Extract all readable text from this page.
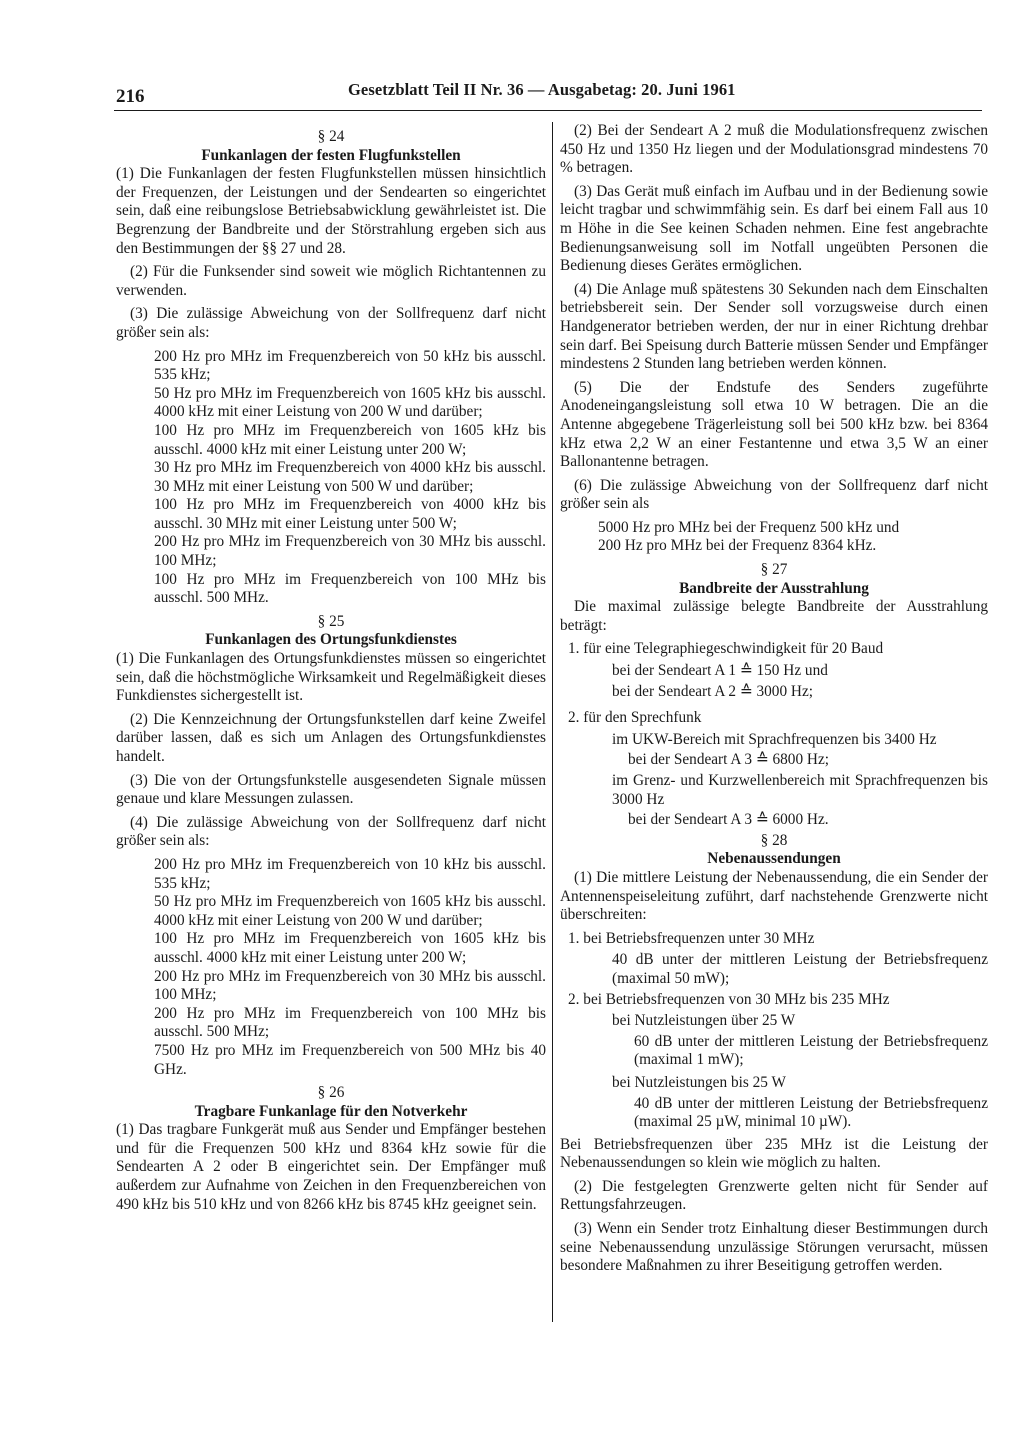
216	Gesetzblatt Teil II Nr. 36 — Ausgabetag: 20. Juni 1961

§ 24

Funkanlagen der festen Flugfunkstellen

(1) Die Funkanlagen der festen Flugfunkstellen müssen hinsichtlich der Frequenzen, der Leistungen und der Sendearten so eingerichtet sein, daß eine reibungslose Betriebsabwicklung gewährleistet ist. Die Begrenzung der Bandbreite und der Störstrahlung ergeben sich aus den Bestimmungen der §§ 27 und 28.

(2) Für die Funksender sind soweit wie möglich Richtantennen zu verwenden.

(3) Die zulässige Abweichung von der Sollfrequenz darf nicht größer sein als:

200 Hz pro MHz im Frequenzbereich von 50 kHz bis ausschl. 535 kHz;

50 Hz pro MHz im Frequenzbereich von 1605 kHz bis ausschl. 4000 kHz mit einer Leistung von 200 W und darüber;

100 Hz pro MHz im Frequenzbereich von 1605 kHz bis ausschl. 4000 kHz mit einer Leistung unter 200 W;

30 Hz pro MHz im Frequenzbereich von 4000 kHz bis ausschl. 30 MHz mit einer Leistung von 500 W und darüber;

100 Hz pro MHz im Frequenzbereich von 4000 kHz bis ausschl. 30 MHz mit einer Leistung unter 500 W;

200 Hz pro MHz im Frequenzbereich von 30 MHz bis ausschl. 100 MHz;

100 Hz pro MHz im Frequenzbereich von 100 MHz bis ausschl. 500 MHz.

§ 25

Funkanlagen des Ortungsfunkdienstes

(1) Die Funkanlagen des Ortungsfunkdienstes müssen so eingerichtet sein, daß die höchstmögliche Wirksamkeit und Regelmäßigkeit dieses Funkdienstes sichergestellt ist.

(2) Die Kennzeichnung der Ortungsfunkstellen darf keine Zweifel darüber lassen, daß es sich um Anlagen des Ortungsfunkdienstes handelt.

(3) Die von der Ortungsfunkstelle ausgesendeten Signale müssen genaue und klare Messungen zulassen.

(4) Die zulässige Abweichung von der Sollfrequenz darf nicht größer sein als:

200 Hz pro MHz im Frequenzbereich von 10 kHz bis ausschl. 535 kHz;

50 Hz pro MHz im Frequenzbereich von 1605 kHz bis ausschl. 4000 kHz mit einer Leistung von 200 W und darüber;

100 Hz pro MHz im Frequenzbereich von 1605 kHz bis ausschl. 4000 kHz mit einer Leistung unter 200 W;

200 Hz pro MHz im Frequenzbereich von 30 MHz bis ausschl. 100 MHz;

200 Hz pro MHz im Frequenzbereich von 100 MHz bis ausschl. 500 MHz;

7500 Hz pro MHz im Frequenzbereich von 500 MHz bis 40 GHz.

§ 26

Tragbare Funkanlage für den Notverkehr

(1) Das tragbare Funkgerät muß aus Sender und Empfänger bestehen und für die Frequenzen 500 kHz und 8364 kHz sowie für die Sendearten A 2 oder B eingerichtet sein. Der Empfänger muß außerdem zur Aufnahme von Zeichen in den Frequenzbereichen von 490 kHz bis 510 kHz und von 8266 kHz bis 8745 kHz geeignet sein.

(2) Bei der Sendeart A 2 muß die Modulationsfrequenz zwischen 450 Hz und 1350 Hz liegen und der Modulationsgrad mindestens 70 % betragen.

(3) Das Gerät muß einfach im Aufbau und in der Bedienung sowie leicht tragbar und schwimmfähig sein. Es darf bei einem Fall aus 10 m Höhe in die See keinen Schaden nehmen. Eine fest angebrachte Bedienungsanweisung soll im Notfall ungeübten Personen die Bedienung dieses Gerätes ermöglichen.

(4) Die Anlage muß spätestens 30 Sekunden nach dem Einschalten betriebsbereit sein. Der Sender soll vorzugsweise durch einen Handgenerator betrieben werden, der nur in einer Richtung drehbar sein darf. Bei Speisung durch Batterie müssen Sender und Empfänger mindestens 2 Stunden lang betrieben werden können.

(5) Die der Endstufe des Senders zugeführte Anodeneingangsleistung soll etwa 10 W betragen. Die an die Antenne abgegebene Trägerleistung soll bei 500 kHz bzw. bei 8364 kHz etwa 2,2 W an einer Festantenne und etwa 3,5 W an einer Ballonantenne betragen.

(6) Die zulässige Abweichung von der Sollfrequenz darf nicht größer sein als

5000 Hz pro MHz bei der Frequenz 500 kHz und

200 Hz pro MHz bei der Frequenz 8364 kHz.

§ 27

Bandbreite der Ausstrahlung

Die maximal zulässige belegte Bandbreite der Ausstrahlung beträgt:

1. für eine Telegraphiegeschwindigkeit für 20 Baud

bei der Sendeart A 1 ≙ 150 Hz und

bei der Sendeart A 2 ≙ 3000 Hz;

2. für den Sprechfunk

im UKW-Bereich mit Sprachfrequenzen bis 3400 Hz

bei der Sendeart A 3 ≙ 6800 Hz;

im Grenz- und Kurzwellenbereich mit Sprachfrequenzen bis 3000 Hz

bei der Sendeart A 3 ≙ 6000 Hz.

§ 28

Nebenaussendungen

(1) Die mittlere Leistung der Nebenaussendung, die ein Sender der Antennenspeiseleitung zuführt, darf nachstehende Grenzwerte nicht überschreiten:

1. bei Betriebsfrequenzen unter 30 MHz

40 dB unter der mittleren Leistung der Betriebsfrequenz (maximal 50 mW);

2. bei Betriebsfrequenzen von 30 MHz bis 235 MHz

bei Nutzleistungen über 25 W

60 dB unter der mittleren Leistung der Betriebsfrequenz (maximal 1 mW);

bei Nutzleistungen bis 25 W

40 dB unter der mittleren Leistung der Betriebsfrequenz (maximal 25 µW, minimal 10 µW).

Bei Betriebsfrequenzen über 235 MHz ist die Leistung der Nebenaussendungen so klein wie möglich zu halten.

(2) Die festgelegten Grenzwerte gelten nicht für Sender auf Rettungsfahrzeugen.

(3) Wenn ein Sender trotz Einhaltung dieser Bestimmungen durch seine Nebenaussendung unzulässige Störungen verursacht, müssen besondere Maßnahmen zu ihrer Beseitigung getroffen werden.
